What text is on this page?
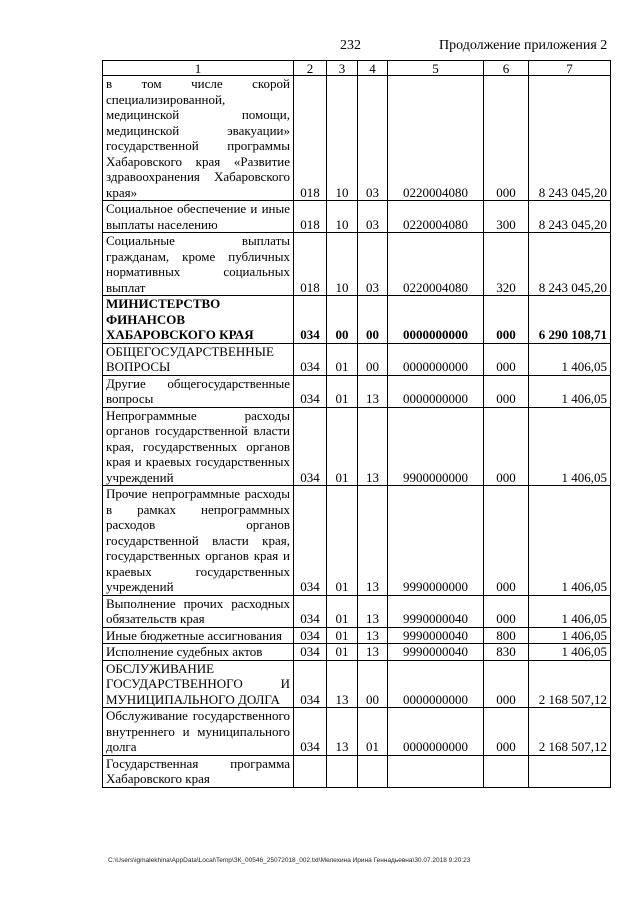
232	Продолжение приложения 2
1	2	3	4	5	6	7
в том числе скорой специализированной, медицинской помощи, медицинской эвакуации» государственной программы Хабаровского края «Развитие здравоохранения Хабаровского края»	018	10	03	0220004080	000	8 243 045,20
Социальное обеспечение и иные выплаты населению	018	10	03	0220004080	300	8 243 045,20
Социальные выплаты гражданам, кроме публичных нормативных социальных выплат	018	10	03	0220004080	320	8 243 045,20
МИНИСТЕРСТВО ФИНАНСОВ ХАБАРОВСКОГО КРАЯ	034	00	00	0000000000	000	6 290 108,71
ОБЩЕГОСУДАРСТВЕННЫЕ ВОПРОСЫ	034	01	00	0000000000	000	1 406,05
Другие общегосударственные вопросы	034	01	13	0000000000	000	1 406,05
Непрограммные расходы органов государственной власти края, государственных органов края и краевых государственных учреждений	034	01	13	9900000000	000	1 406,05
Прочие непрограммные расходы в рамках непрограммных расходов органов государственной власти края, государственных органов края и краевых государственных учреждений	034	01	13	9990000000	000	1 406,05
Выполнение прочих расходных обязательств края	034	01	13	9990000040	000	1 406,05
Иные бюджетные ассигнования	034	01	13	9990000040	800	1 406,05
Исполнение судебных актов	034	01	13	9990000040	830	1 406,05
ОБСЛУЖИВАНИЕ ГОСУДАРСТВЕННОГО И МУНИЦИПАЛЬНОГО ДОЛГА	034	13	00	0000000000	000	2 168 507,12
Обслуживание государственного внутреннего и муниципального долга	034	13	01	0000000000	000	2 168 507,12
Государственная программа Хабаровского края						
C:\Users\igmalekhina\AppData\Local\Temp\ЗК_00546_25072018_002.txt\Мелехина Ирина Геннадьевна\30.07.2018 9:20:23
